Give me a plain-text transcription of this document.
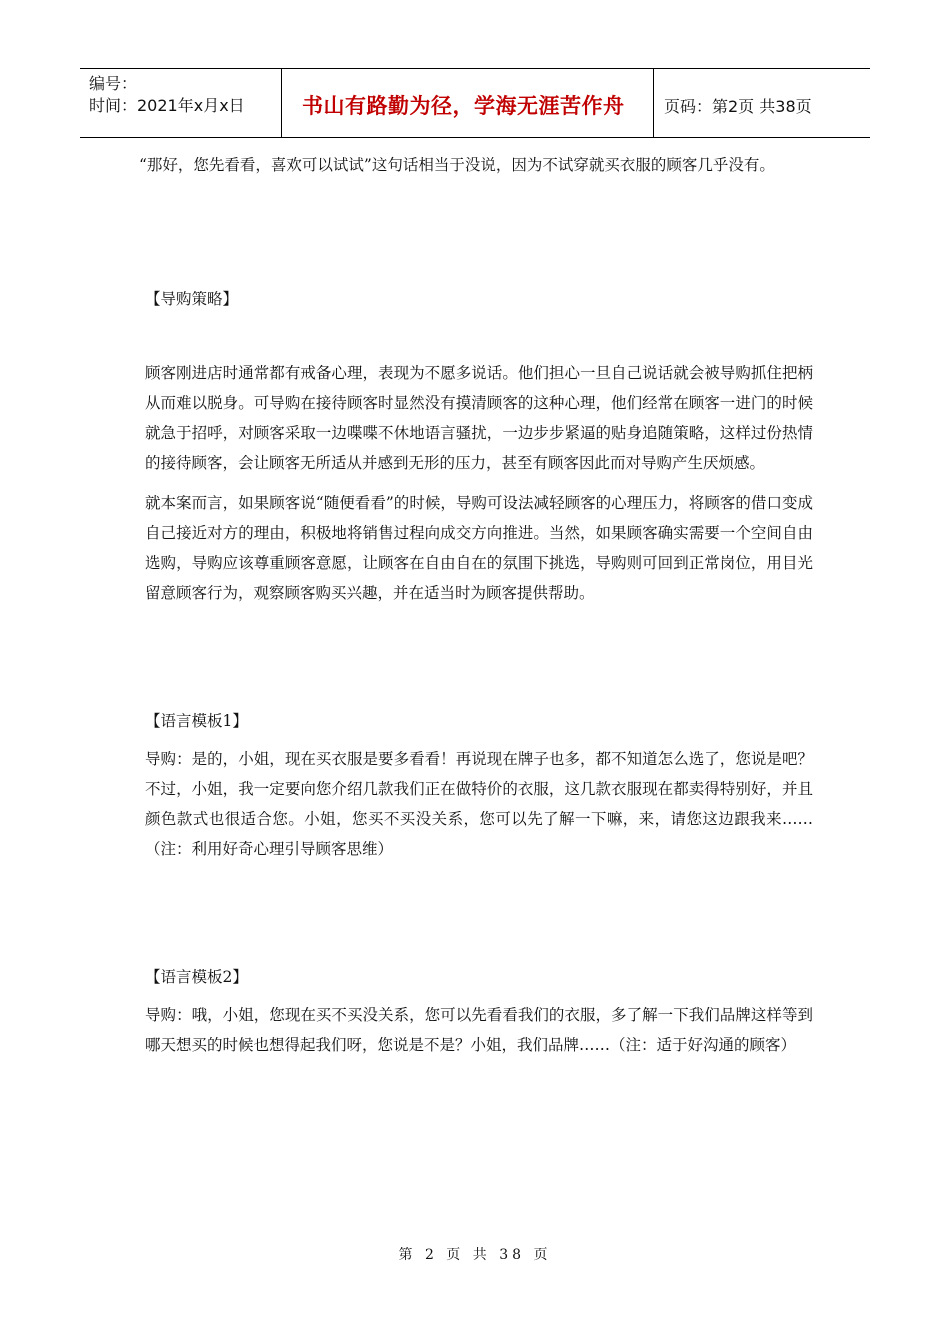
编号：
时间：2021年x月x日	书山有路勤为径，学海无涯苦作舟 页码：第2页 共38页

“那好，您先看看，喜欢可以试试”这句话相当于没说，因为不试穿就买衣服的顾客几乎没有。

【导购策略】

顾客刚进店时通常都有戒备心理，表现为不愿多说话。他们担心一旦自己说话就会被导购抓住把柄从而难以脱身。可导购在接待顾客时显然没有摸清顾客的这种心理，他们经常在顾客一进门的时候就急于招呼，对顾客采取一边喋喋不休地语言骚扰，一边步步紧逼的贴身追随策略，这样过份热情的接待顾客，会让顾客无所适从并感到无形的压力，甚至有顾客因此而对导购产生厌烦感。

就本案而言，如果顾客说“随便看看”的时候，导购可设法减轻顾客的心理压力，将顾客的借口变成自己接近对方的理由，积极地将销售过程向成交方向推进。当然，如果顾客确实需要一个空间自由选购，导购应该尊重顾客意愿，让顾客在自由自在的氛围下挑选，导购则可回到正常岗位，用目光留意顾客行为，观察顾客购买兴趣，并在适当时为顾客提供帮助。

【语言模板1】

导购：是的，小姐，现在买衣服是要多看看！再说现在牌子也多，都不知道怎么选了，您说是吧？不过，小姐，我一定要向您介绍几款我们正在做特价的衣服，这几款衣服现在都卖得特别好，并且颜色款式也很适合您。小姐，您买不买没关系，您可以先了解一下嘛，来，请您这边跟我来……（注：利用好奇心理引导顾客思维）

【语言模板2】

导购：哦，小姐，您现在买不买没关系，您可以先看看我们的衣服，多了解一下我们品牌这样等到哪天想买的时候也想得起我们呀，您说是不是？小姐，我们品牌……（注：适于好沟通的顾客）

第 2 页 共 38 页
